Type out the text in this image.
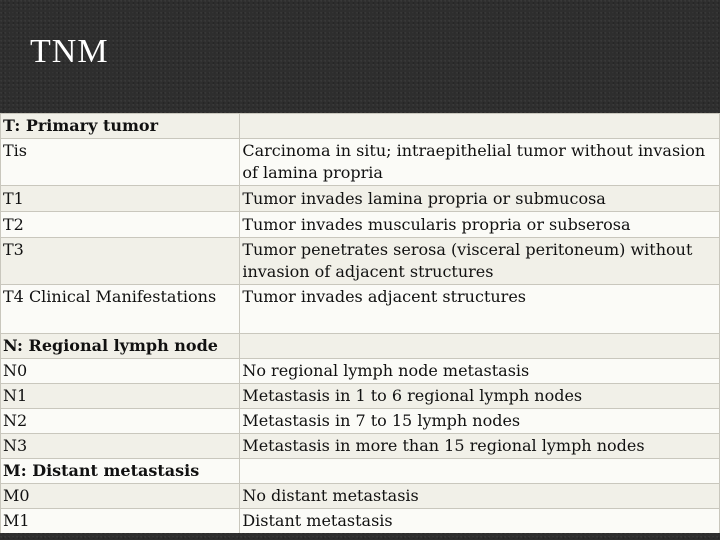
TNM
T: Primary tumor	
Tis	Carcinoma in situ; intraepithelial tumor without invasion of lamina propria
T1	Tumor invades lamina propria or submucosa
T2	Tumor invades muscularis propria or subserosa
T3	Tumor penetrates serosa (visceral peritoneum) without invasion of adjacent structures
T4 Clinical Manifestations	Tumor invades adjacent structures
N: Regional lymph node	
N0	No regional lymph node metastasis
N1	Metastasis in 1 to 6 regional lymph nodes
N2	Metastasis in 7 to 15 lymph nodes
N3	Metastasis in more than 15 regional lymph nodes
M: Distant metastasis	
M0	No distant metastasis
M1	Distant metastasis
